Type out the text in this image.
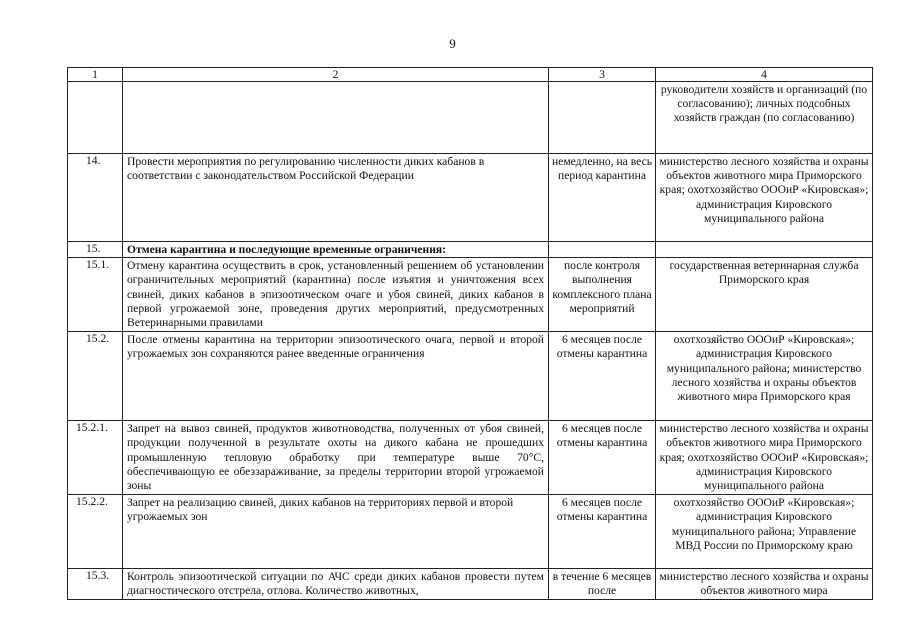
9
1	2	3	4
			руководители хозяйств и организаций (по согласованию); личных подсобных хозяйств граждан (по согласованию)
14.	Провести мероприятия по регулированию численности диких кабанов в соответствии с законодательством Российской Федерации	немедленно, на весь период карантина	министерство лесного хозяйства и охраны объектов животного мира Приморского края; охотхозяйство ОООиР «Кировская»; администрация Кировского муниципального района
15.	Отмена карантина и последующие временные ограничения:		
15.1.	Отмену карантина осуществить в срок, установленный решением об установлении ограничительных мероприятий (карантина) после изъятия и уничтожения всех свиней, диких кабанов в эпизоотическом очаге и убоя свиней, диких кабанов в первой угрожаемой зоне, проведения других мероприятий, предусмотренных Ветеринарными правилами	после контроля выполнения комплексного плана мероприятий	государственная ветеринарная служба Приморского края
15.2.	После отмены карантина на территории эпизоотического очага, первой и второй угрожаемых зон сохраняются ранее введенные ограничения	6 месяцев после отмены карантина	охотхозяйство ОООиР «Кировская»; администрация Кировского муниципального района; министерство лесного хозяйства и охраны объектов животного мира Приморского края
15.2.1.	Запрет на вывоз свиней, продуктов животноводства, полученных от убоя свиней, продукции полученной в результате охоты на дикого кабана не прошедших промышленную тепловую обработку при температуре выше 70°С, обеспечивающую ее обеззараживание, за пределы территории второй угрожаемой зоны	6 месяцев после отмены карантина	министерство лесного хозяйства и охраны объектов животного мира Приморского края; охотхозяйство ОООиР «Кировская»; администрация Кировского муниципального района
15.2.2.	Запрет на реализацию свиней, диких кабанов на территориях первой и второй угрожаемых зон	6 месяцев после отмены карантина	охотхозяйство ОООиР «Кировская»; администрация Кировского муниципального района; Управление МВД России по Приморскому краю
15.3.	Контроль эпизоотической ситуации по АЧС среди диких кабанов провести путем диагностического отстрела, отлова. Количество животных,	в течение 6 месяцев после	министерство лесного хозяйства и охраны объектов животного мира
